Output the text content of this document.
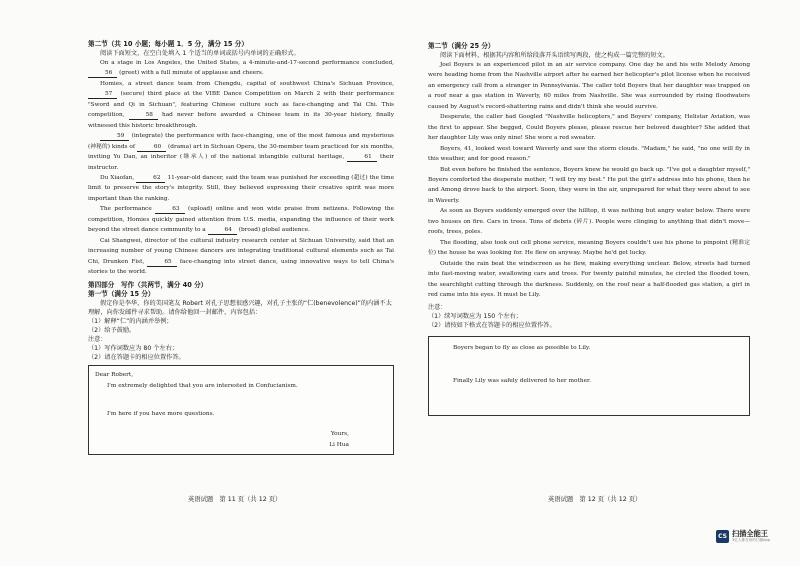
第二节（共 10 小题；每小题 1．5 分，满分 15 分）

阅读下面短文，在空白处填入 1 个适当的单词或括号内单词的正确形式。

On a stage in Los Angeles, the United States, a 4-minute-and-17-second performance concluded, 56 (greet) with a full minute of applause and cheers.

Homies, a street dance team from Chengdu, capital of southwest China's Sichuan Province, 57 (secure) third place at the VIBE Dance Competition on March 2 with their performance "Sword and Qi in Sichuan", featuring Chinese culture such as face-changing and Tai Chi. This competition,	58 had never before awarded a Chinese team in its 30-year history, finally witnessed this historic breakthrough.

59 (integrate) the performance with face-changing, one of the most famous and mysterious (神秘的) kinds of	60 (drama) art in Sichuan Opera, the 30-member team practiced for six months, inviting Yu Dan, an inheritor (继承人) of the national intangible cultural heritage,	61 their instructor.

Du Xiaofan,	62 11-year-old dancer, said the team was punished for exceeding (超过) the time limit to preserve the story's integrity. Still, they believed expressing their creative spirit was more important than the ranking.

The performance	63 (upload) online and won wide praise from netizens. Following the competition, Homies quickly gained attention from U.S. media, expanding the influence of their work beyond the street dance community to a	64 (broad) global audience.

Cai Shangwei, director of the cultural industry research center at Sichuan University, said that an increasing number of young Chinese dancers are integrating traditional cultural elements such as Tai Chi, Drunken Fist,	65 face-changing into street dance, using innovative ways to tell China's stories to the world.

第四部分　写作（共两节，满分 40 分）

第一节（满分 15 分）

假定你是李华，你的美国笔友 Robert 对孔子思想很感兴趣，对孔子主张的“仁(benevolence)”的内涵不太理解，向你发邮件寻求帮助。请你给他回一封邮件，内容包括：

（1）解释“仁”的内涵并举例；

（2）给予鼓励。

注意：

（1）写作词数应为 80 个左右；

（2）请在答题卡的相应位置作答。

Dear Robert,

I'm extremely delighted that you are interested in Confucianism.

I'm here if you have more questions.

Yours,

Li Hua

第二节（满分 25 分）

阅读下面材料，根据其内容和所给段落开头语续写两段，使之构成一篇完整的短文。

Joel Boyers is an experienced pilot in an air service company. One day he and his wife Melody Among were heading home from the Nashville airport after he earned her helicopter's pilot license when he received an emergency call from a stranger in Pennsylvania. The caller told Boyers that her daughter was trapped on a roof near a gas station in Waverly, 60 miles from Nashville. She was surrounded by rising floodwaters caused by August's record-shattering rains and didn't think she would survive.

Desperate, the caller had Googled "Nashville helicopters," and Boyers' company, Helistar Aviation, was the first to appear. She begged, Could Boyers please, please rescue her beloved daughter? She added that her daughter Lily was only nine! She wore a red sweater.

Boyers, 41, looked west toward Waverly and saw the storm clouds. "Madam," he said, "no one will fly in this weather, and for good reason."

But even before he finished the sentence, Boyers knew he would go back up. "I've got a daughter myself," Boyers comforted the desperate mother, "I will try my best." He put the girl's address into his phone, then he and Among drove back to the airport. Soon, they were in the air, unprepared for what they were about to see in Waverly.

As soon as Boyers suddenly emerged over the hilltop, it was nothing but angry water below. There were two houses on fire. Cars in trees. Tons of debris (碎片). People were clinging to anything that didn't move—roofs, trees, poles.

The flooding, also took out cell phone service, meaning Boyers couldn't use his phone to pinpoint (精准定位) the house he was looking for. He flew on anyway. Maybe he'd get lucky.

Outside the rain beat the windscreen as he flew, making everything unclear. Below, streets had turned into fast-moving water, swallowing cars and trees. For twenty painful minutes, he circled the flooded town, the searchlight cutting through the darkness. Suddenly, on the roof near a half-flooded gas station, a girl in red came into his eyes. It must be Lily.

注意：

（1）续写词数应为 150 个左右；

（2）请按如下格式在答题卡的相应位置作答。

Boyers began to fly as close as possible to Lily.

Finally Lily was safely delivered to her mother.

英语试题　第 11 页（共 12 页）	英语试题　第 12 页（共 12 页）
CS 扫描全能王
3亿人都在用的扫描App
